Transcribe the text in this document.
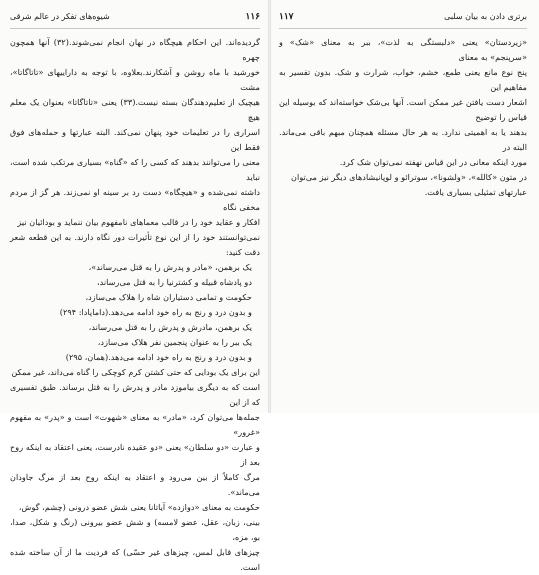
۱۱۶
شیوه‌های تفکر در عالم شرقی

گردیده‌اند. این احکام هیچگاه در نهان انجام نمی‌شوند.(۳۲) آنها همچون چهره

خورشید با ماه روشن و آشکارند.بعلاوه، با توجه به داراییهای «تاتاگاتا»، مشت

هیچیک از تعلیم‌دهندگان بسته نیست.(۳۳) یعنی «تاتاگاتا» بعنوان یک معلم هیچ

اسراری را در تعلیمات خود پنهان نمی‌کند. البته عبارتها و حمله‌های فوق فقط این

معنی را می‌توانند بدهند که کسی را که «گناه» بسیاری مرتکب شده است، نباید

داشته نمی‌شده و «هیچگاه» دست رد بر سینه او نمی‌زند. هر گز از مردم مخفی نگاه

افکار و عقاید خود را در قالب معماهای نامفهوم بیان ننماید و بودائیان نیز

نمی‌توانستند خود را از این نوع تأثیرات دور نگاه دارند. به این قطعه شعر دقت کنید:

یک برهمن، «مادر و پدرش را به قتل می‌رساند»،

دو پادشاه قبیله و کشترنیا را به قتل می‌رساند،

حکومت و تمامی دستیاران شاه را هلاک می‌سازد،

و بدون درد و رنج به راه خود ادامه می‌دهد.(داماپادا: ۲۹۴)

یک برهمن، مادرش و پدرش را به قتل می‌رساند،

یک ببر را به عنوان پنجمین نفر هلاک می‌سازد،

و بدون درد و رنج به راه خود ادامه می‌دهد.(همان، ۲۹۵)

این برای یک بودایی که حتی کشتن کرم کوچکی را گناه می‌داند، غیر ممکن

است که به دیگری بیاموزد مادر و پدرش را به قتل برساند. طبق تفسیری که از این

جمله‌ها می‌توان کرد، «مادر» به معنای «شهوت» است و «پدر» به مفهوم «غرور»

و عبارت «دو سلطان» یعنی «دو عقیده نادرست، یعنی اعتقاد به اینکه روح بعد از

مرگ کاملاً از بین می‌رود و اعتقاد به اینکه روح بعد از مرگ جاودان می‌ماند».

حکومت به معنای «دوازده» آیاتانا یعنی شش عضو درونی (چشم، گوش،

بینی، زبان، عقل، عضو لامسه) و شش عضو بیرونی (رنگ و شکل، صدا، بو، مزه،

چیزهای قابل لمس، چیزهای غیر حسّی) که فردیت ما از آن ساخته شده است.

برتری دادن به بیان سلبی
۱۱۷

«زیردستان» یعنی «دلبستگی به لذت»، ببر به معنای «شک» و «سرپنجم» به معنای

پنج نوع مانع یعنی طمع، خشم، خواب، شرارت و شک. بدون تفسیر به مفاهیم این

اشعار دست یافتن غیر ممکن است. آنها بی‌شک خواسته‌اند که بوسیله این قیاس را توضیح

بدهند یا به اهمیتی ندارد. به هر حال مسئله همچنان مبهم باقی می‌ماند. البته در

مورد اینکه معانی در این قیاس نهفته نمی‌توان شک کرد.

در متون «کالله»، «ولشونا»، سوترائو و لوپانیشادهای دیگر نیز می‌توان

عبارتهای تمثیلی بسیاری یافت.
